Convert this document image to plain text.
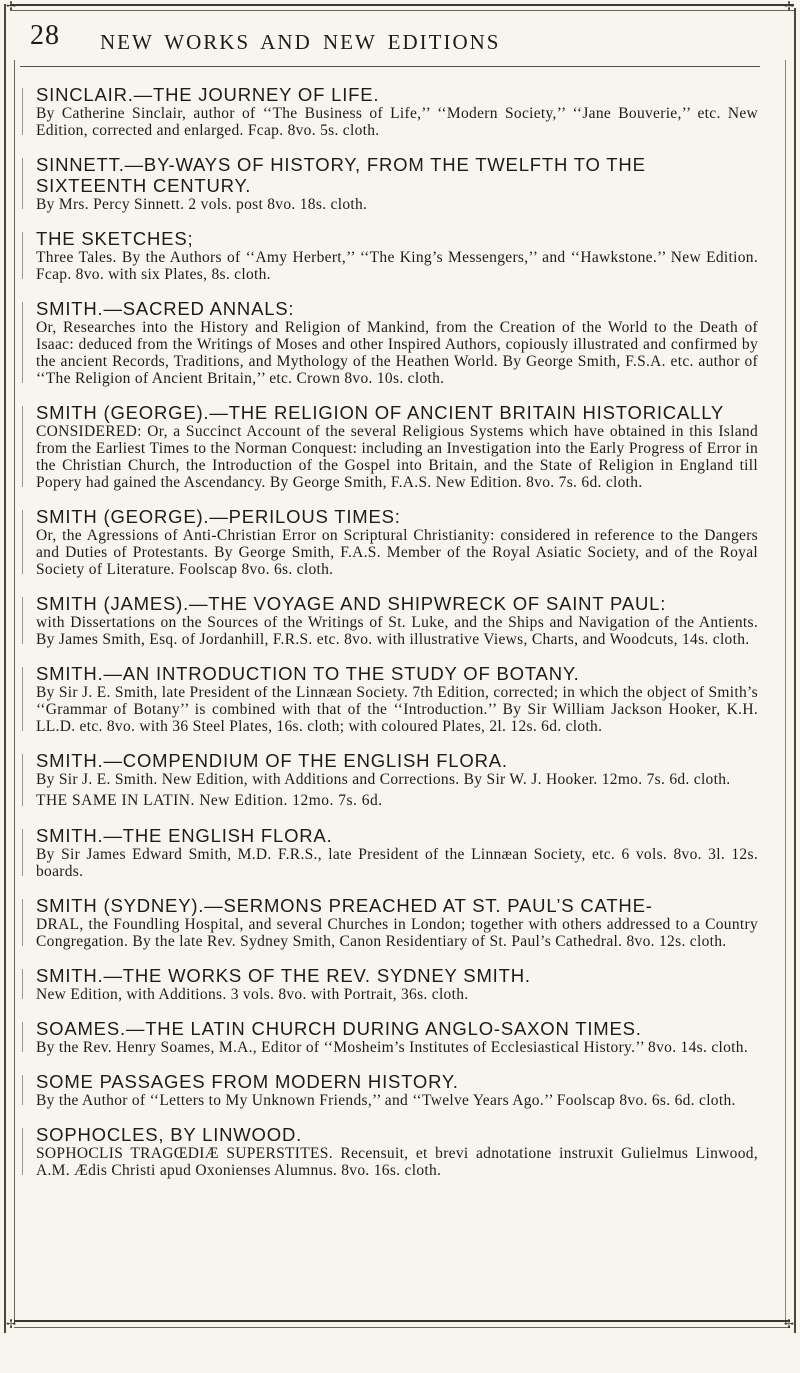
✢	✢
✢	✢
28 NEW WORKS AND NEW EDITIONS

SINCLAIR.—THE JOURNEY OF LIFE.

By Catherine Sinclair, author of ‘‘The Business of Life,’’ ‘‘Modern Society,’’ ‘‘Jane Bouverie,’’ etc. New Edition, corrected and enlarged. Fcap. 8vo. 5s. cloth.

SINNETT.—BY-WAYS OF HISTORY, FROM THE TWELFTH TO THE SIXTEENTH CENTURY.

By Mrs. Percy Sinnett. 2 vols. post 8vo. 18s. cloth.

THE SKETCHES;

Three Tales. By the Authors of ‘‘Amy Herbert,’’ ‘‘The King’s Messengers,’’ and ‘‘Hawkstone.’’ New Edition. Fcap. 8vo. with six Plates, 8s. cloth.

SMITH.—SACRED ANNALS:

Or, Researches into the History and Religion of Mankind, from the Creation of the World to the Death of Isaac: deduced from the Writings of Moses and other Inspired Authors, copiously illustrated and confirmed by the ancient Records, Traditions, and Mythology of the Heathen World. By George Smith, F.S.A. etc. author of ‘‘The Religion of Ancient Britain,’’ etc. Crown 8vo. 10s. cloth.

SMITH (GEORGE).—THE RELIGION OF ANCIENT BRITAIN HISTORICALLY

CONSIDERED: Or, a Succinct Account of the several Religious Systems which have obtained in this Island from the Earliest Times to the Norman Conquest: including an Investigation into the Early Progress of Error in the Christian Church, the Introduction of the Gospel into Britain, and the State of Religion in England till Popery had gained the Ascendancy. By George Smith, F.A.S. New Edition. 8vo. 7s. 6d. cloth.

SMITH (GEORGE).—PERILOUS TIMES:

Or, the Agressions of Anti-Christian Error on Scriptural Christianity: considered in reference to the Dangers and Duties of Protestants. By George Smith, F.A.S. Member of the Royal Asiatic Society, and of the Royal Society of Literature. Foolscap 8vo. 6s. cloth.

SMITH (JAMES).—THE VOYAGE AND SHIPWRECK OF SAINT PAUL:

with Dissertations on the Sources of the Writings of St. Luke, and the Ships and Navigation of the Antients. By James Smith, Esq. of Jordanhill, F.R.S. etc. 8vo. with illustrative Views, Charts, and Woodcuts, 14s. cloth.

SMITH.—AN INTRODUCTION TO THE STUDY OF BOTANY.

By Sir J. E. Smith, late President of the Linnæan Society. 7th Edition, corrected; in which the object of Smith’s ‘‘Grammar of Botany’’ is combined with that of the ‘‘Introduction.’’ By Sir William Jackson Hooker, K.H. LL.D. etc. 8vo. with 36 Steel Plates, 16s. cloth; with coloured Plates, 2l. 12s. 6d. cloth.

SMITH.—COMPENDIUM OF THE ENGLISH FLORA.

By Sir J. E. Smith. New Edition, with Additions and Corrections. By Sir W. J. Hooker. 12mo. 7s. 6d. cloth.

THE SAME IN LATIN. New Edition. 12mo. 7s. 6d.

SMITH.—THE ENGLISH FLORA.

By Sir James Edward Smith, M.D. F.R.S., late President of the Linnæan Society, etc. 6 vols. 8vo. 3l. 12s. boards.

SMITH (SYDNEY).—SERMONS PREACHED AT ST. PAUL’S CATHE-

DRAL, the Foundling Hospital, and several Churches in London; together with others addressed to a Country Congregation. By the late Rev. Sydney Smith, Canon Residentiary of St. Paul’s Cathedral. 8vo. 12s. cloth.

SMITH.—THE WORKS OF THE REV. SYDNEY SMITH.

New Edition, with Additions. 3 vols. 8vo. with Portrait, 36s. cloth.

SOAMES.—THE LATIN CHURCH DURING ANGLO-SAXON TIMES.

By the Rev. Henry Soames, M.A., Editor of ‘‘Mosheim’s Institutes of Ecclesiastical History.’’ 8vo. 14s. cloth.

SOME PASSAGES FROM MODERN HISTORY.

By the Author of ‘‘Letters to My Unknown Friends,’’ and ‘‘Twelve Years Ago.’’ Foolscap 8vo. 6s. 6d. cloth.

SOPHOCLES, BY LINWOOD.

SOPHOCLIS TRAGŒDIÆ SUPERSTITES. Recensuit, et brevi adnotatione instruxit Gulielmus Linwood, A.M. Ædis Christi apud Oxonienses Alumnus. 8vo. 16s. cloth.
